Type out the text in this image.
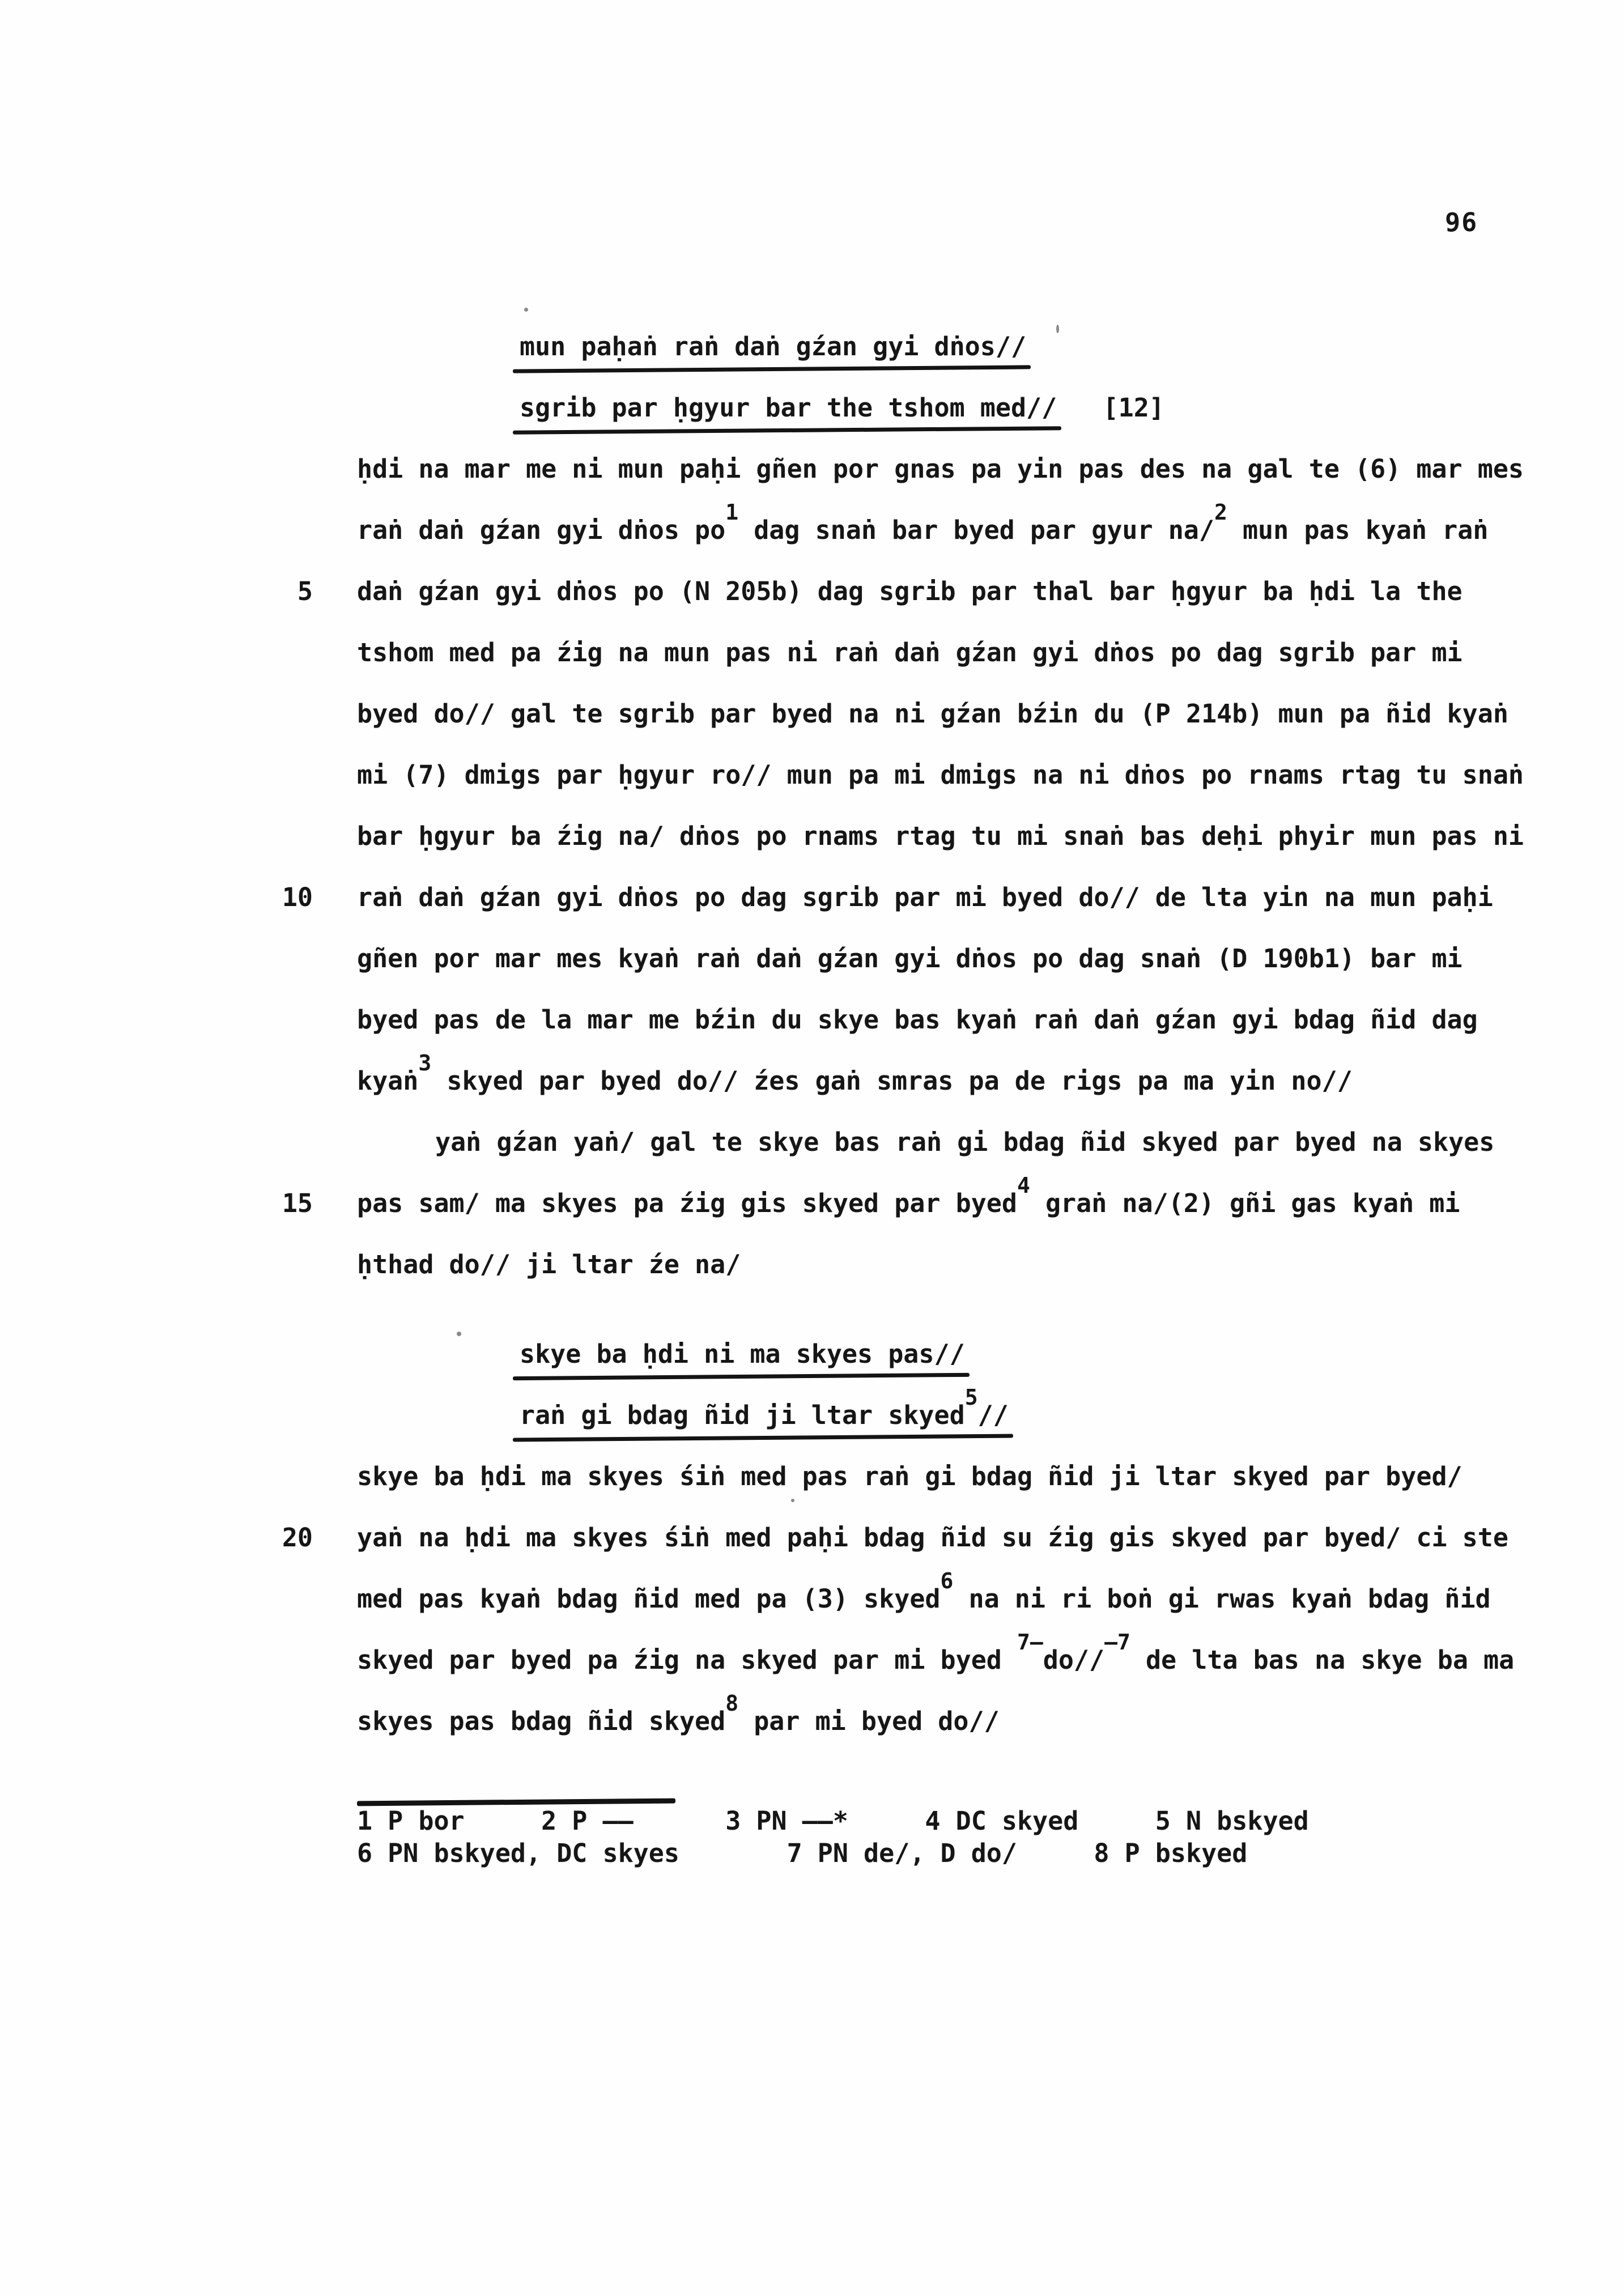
96
mun paḥaṅ raṅ daṅ gźan gyi dṅos//
sgrib par ḥgyur bar the tshom med//   [12]
ḥdi na mar me ni mun paḥi gñen por gnas pa yin pas des na gal te (6) mar mes
raṅ daṅ gźan gyi dṅos po$^1$ dag snaṅ bar byed par gyur na/$^2$ mun pas kyaṅ raṅ
5 daṅ gźan gyi dṅos po (N 205b) dag sgrib par thal bar ḥgyur ba ḥdi la the
tshom med pa źig na mun pas ni raṅ daṅ gźan gyi dṅos po dag sgrib par mi
byed do// gal te sgrib par byed na ni gźan bźin du (P 214b) mun pa ñid kyaṅ
mi (7) dmigs par ḥgyur ro// mun pa mi dmigs na ni dṅos po rnams rtag tu snaṅ
bar ḥgyur ba źig na/ dṅos po rnams rtag tu mi snaṅ bas deḥi phyir mun pas ni
10 raṅ daṅ gźan gyi dṅos po dag sgrib par mi byed do// de lta yin na mun paḥi
gñen por mar mes kyaṅ raṅ daṅ gźan gyi dṅos po dag snaṅ (D 190b1) bar mi
byed pas de la mar me bźin du skye bas kyaṅ raṅ daṅ gźan gyi bdag ñid dag
kyaṅ$^3$ skyed par byed do// źes gaṅ smras pa de rigs pa ma yin no//
yaṅ gźan yaṅ/ gal te skye bas raṅ gi bdag ñid skyed par byed na skyes
15 pas sam/ ma skyes pa źig gis skyed par byed$^4$ graṅ na/(2) gñi gas kyaṅ mi
ḥthad do// ji ltar źe na/
skye ba ḥdi ni ma skyes pas//
raṅ gi bdag ñid ji ltar skyed$^5$//
skye ba ḥdi ma skyes śiṅ med pas raṅ gi bdag ñid ji ltar skyed par byed/
20 yaṅ na ḥdi ma skyes śiṅ med paḥi bdag ñid su źig gis skyed par byed/ ci ste
med pas kyaṅ bdag ñid med pa (3) skyed$^6$ na ni ri boṅ gi rwas kyaṅ bdag ñid
skyed par byed pa źig na skyed par mi byed $^{7-}$do//$^{-7}$ de lta bas na skye ba ma
skyes pas bdag ñid skyed$^8$ par mi byed do//
1 P bor     2 P ——      3 PN ——*     4 DC skyed     5 N bskyed
6 PN bskyed, DC skyes       7 PN de/, D do/     8 P bskyed
